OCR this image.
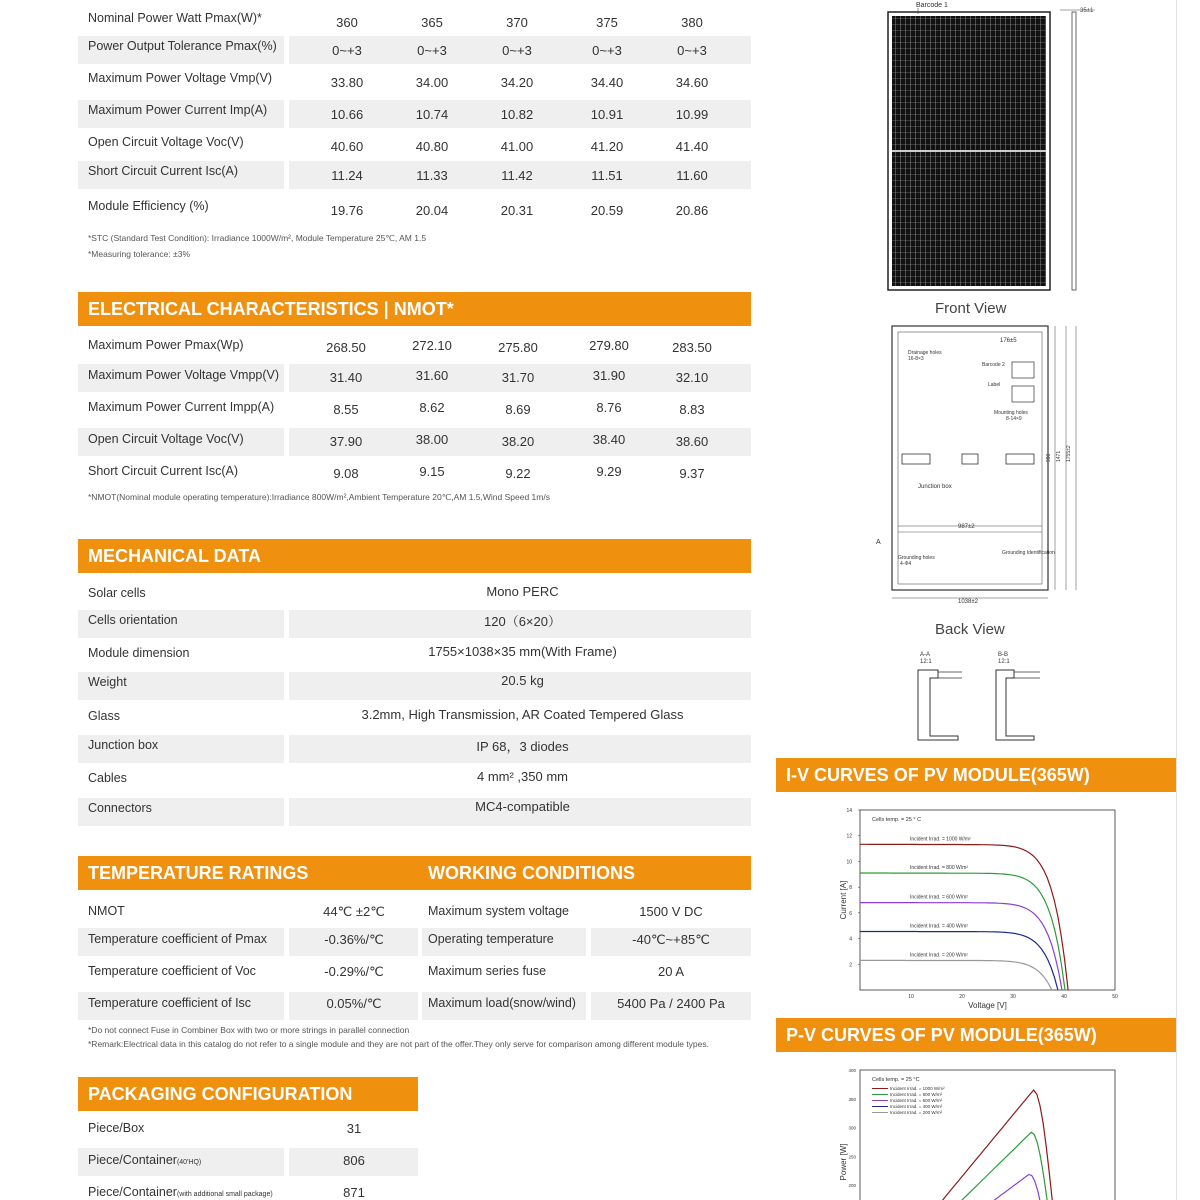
*STC (Standard Test Condition): Irradiance 1000W/m², Module Temperature 25℃, AM 1.5
*Measuring tolerance: ±3%
ELECTRICAL CHARACTERISTICS | NMOT*
*NMOT(Nominal module operating temperature):Irradiance 800W/m²,Ambient Temperature 20℃,AM 1.5,Wind Speed 1m/s
MECHANICAL DATA
TEMPERATURE RATINGS	WORKING CONDITIONS
*Do not connect Fuse in Combiner Box with two or more strings in parallel connection
*Remark:Electrical data in this catalog do not refer to a single module and they are not part of the offer.They only serve for comparison among different module types.
PACKAGING CONFIGURATION
Barcode 1
35±1
Front View
176±5
Drainage holes
16-8×3
Barcode 2
Label
Mounting holes
8-14×9
Junction box
987±2
A
Grounding holes
4-Φ4
Grounding Identification
1038±2
1755±2
1471
990
Back View
A-A
12:1
B-B
12:1
I-V CURVES OF PV MODULE(365W)
2
4
6
8
10
12
14
10	20	30	40	50
Voltage [V]
Current [A]
Cells temp. = 25 ° C
Incident Irrad. = 1000 W/m²
Incident Irrad. = 800 W/m²
Incident Irrad. = 600 W/m²
Incident Irrad. = 400 W/m²
Incident Irrad. = 200 W/m²
P-V CURVES OF PV MODULE(365W)
200
250
300
350
400
Power [W]
Cells temp. = 25 °C
Incident Irrad. = 1000 W/m²
Incident Irrad. = 800 W/m²
Incident Irrad. = 600 W/m²
Incident Irrad. = 400 W/m²
Incident Irrad. = 200 W/m²
Nominal Power Watt Pmax(W)*	360	365	370	375	380
Power Output Tolerance Pmax(%)	0~+3	0~+3	0~+3	0~+3	0~+3
Maximum Power Voltage Vmp(V)	33.80	34.00	34.20	34.40	34.60
Maximum Power Current Imp(A)	10.66	10.74	10.82	10.91	10.99
Open Circuit Voltage Voc(V)	40.60	40.80	41.00	41.20	41.40
Short Circuit Current Isc(A)	11.24	11.33	11.42	11.51	11.60
Module Efficiency (%)	19.76	20.04	20.31	20.59	20.86
Maximum Power Pmax(Wp)	268.50	272.10	275.80	279.80	283.50
Maximum Power Voltage Vmpp(V)	31.40	31.60	31.70	31.90	32.10
Maximum Power Current Impp(A)	8.55	8.62	8.69	8.76	8.83
Open Circuit Voltage Voc(V)	37.90	38.00	38.20	38.40	38.60
Short Circuit Current Isc(A)	9.08	9.15	9.22	9.29	9.37
Solar cells	Mono PERC
Cells orientation	120（6×20）
Module dimension	1755×1038×35 mm(With Frame)
Weight	20.5 kg
Glass	3.2mm, High Transmission, AR Coated Tempered Glass
Junction box	IP 68，3 diodes
Cables	4 mm² ,350 mm
Connectors	MC4-compatible
NMOT	44℃ ±2℃	Maximum system voltage	1500 V DC
Temperature coefficient of Pmax	-0.36%/℃	Operating temperature	-40℃~+85℃
Temperature coefficient of Voc	-0.29%/℃	Maximum series fuse	20 A
Temperature coefficient of Isc	0.05%/℃	Maximum load(snow/wind)	5400 Pa / 2400 Pa
Piece/Box	31
Piece/Container(40'HQ)	806
Piece/Container(with additional small package)	871
